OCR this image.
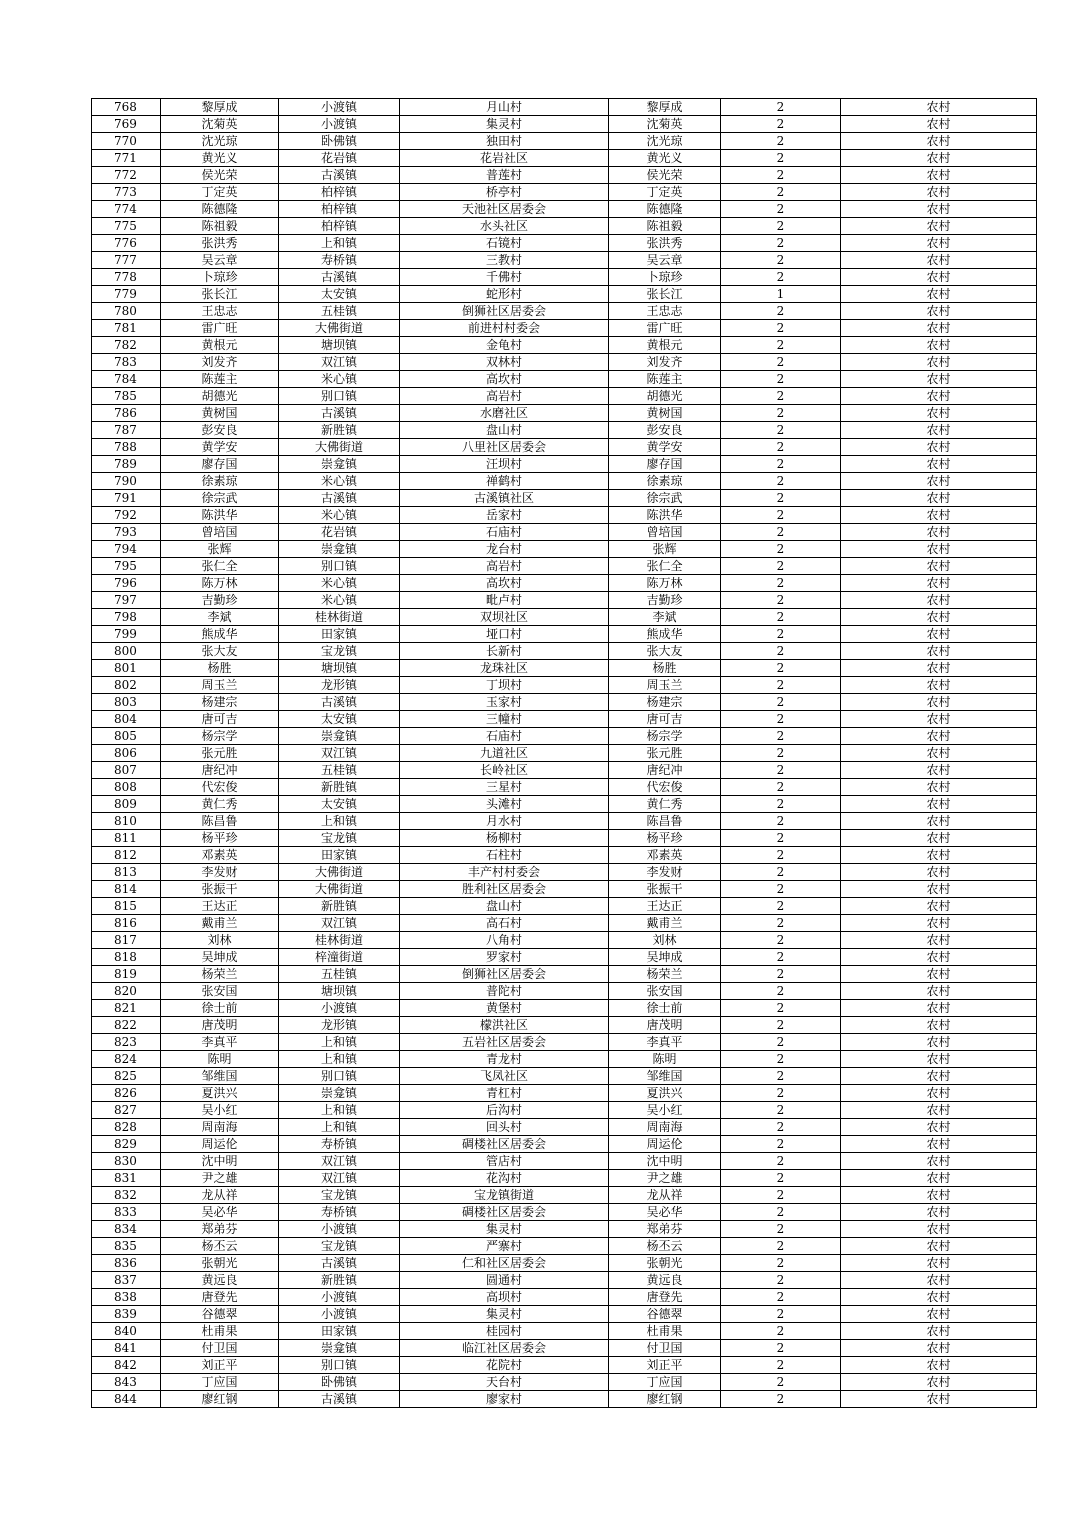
768	黎厚成	小渡镇	月山村	黎厚成	2	农村
769	沈菊英	小渡镇	集灵村	沈菊英	2	农村
770	沈光琼	卧佛镇	独田村	沈光琼	2	农村
771	黄光义	花岩镇	花岩社区	黄光义	2	农村
772	侯光荣	古溪镇	普莲村	侯光荣	2	农村
773	丁定英	柏梓镇	桥亭村	丁定英	2	农村
774	陈德隆	柏梓镇	天池社区居委会	陈德隆	2	农村
775	陈祖毅	柏梓镇	水头社区	陈祖毅	2	农村
776	张洪秀	上和镇	石镜村	张洪秀	2	农村
777	吴云章	寿桥镇	三教村	吴云章	2	农村
778	卜琼珍	古溪镇	千佛村	卜琼珍	2	农村
779	张长江	太安镇	蛇形村	张长江	1	农村
780	王忠志	五桂镇	倒狮社区居委会	王忠志	2	农村
781	雷广旺	大佛街道	前进村村委会	雷广旺	2	农村
782	黄根元	塘坝镇	金龟村	黄根元	2	农村
783	刘发齐	双江镇	双林村	刘发齐	2	农村
784	陈莲主	米心镇	高坎村	陈莲主	2	农村
785	胡德光	别口镇	高岩村	胡德光	2	农村
786	黄树国	古溪镇	水磨社区	黄树国	2	农村
787	彭安良	新胜镇	盘山村	彭安良	2	农村
788	黄学安	大佛街道	八里社区居委会	黄学安	2	农村
789	廖存国	崇龛镇	汪坝村	廖存国	2	农村
790	徐素琼	米心镇	禅鹤村	徐素琼	2	农村
791	徐宗武	古溪镇	古溪镇社区	徐宗武	2	农村
792	陈洪华	米心镇	岳家村	陈洪华	2	农村
793	曾培国	花岩镇	石庙村	曾培国	2	农村
794	张辉	崇龛镇	龙台村	张辉	2	农村
795	张仁全	别口镇	高岩村	张仁全	2	农村
796	陈万林	米心镇	高坎村	陈万林	2	农村
797	吉勤珍	米心镇	毗卢村	吉勤珍	2	农村
798	李斌	桂林街道	双坝社区	李斌	2	农村
799	熊成华	田家镇	垭口村	熊成华	2	农村
800	张大友	宝龙镇	长新村	张大友	2	农村
801	杨胜	塘坝镇	龙珠社区	杨胜	2	农村
802	周玉兰	龙形镇	丁坝村	周玉兰	2	农村
803	杨建宗	古溪镇	玉家村	杨建宗	2	农村
804	唐可吉	太安镇	三幢村	唐可吉	2	农村
805	杨宗学	崇龛镇	石庙村	杨宗学	2	农村
806	张元胜	双江镇	九道社区	张元胜	2	农村
807	唐纪冲	五桂镇	长岭社区	唐纪冲	2	农村
808	代宏俊	新胜镇	三星村	代宏俊	2	农村
809	黄仁秀	太安镇	头滩村	黄仁秀	2	农村
810	陈昌鲁	上和镇	月水村	陈昌鲁	2	农村
811	杨平珍	宝龙镇	杨柳村	杨平珍	2	农村
812	邓素英	田家镇	石柱村	邓素英	2	农村
813	李发财	大佛街道	丰产村村委会	李发财	2	农村
814	张振干	大佛街道	胜利社区居委会	张振干	2	农村
815	王达正	新胜镇	盘山村	王达正	2	农村
816	戴甫兰	双江镇	高石村	戴甫兰	2	农村
817	刘林	桂林街道	八角村	刘林	2	农村
818	吴坤成	梓潼街道	罗家村	吴坤成	2	农村
819	杨荣兰	五桂镇	倒狮社区居委会	杨荣兰	2	农村
820	张安国	塘坝镇	普陀村	张安国	2	农村
821	徐士前	小渡镇	黄堡村	徐士前	2	农村
822	唐茂明	龙形镇	檬洪社区	唐茂明	2	农村
823	李真平	上和镇	五岩社区居委会	李真平	2	农村
824	陈明	上和镇	青龙村	陈明	2	农村
825	邹维国	别口镇	飞凤社区	邹维国	2	农村
826	夏洪兴	崇龛镇	青杠村	夏洪兴	2	农村
827	吴小红	上和镇	后沟村	吴小红	2	农村
828	周南海	上和镇	回头村	周南海	2	农村
829	周运伦	寿桥镇	碉楼社区居委会	周运伦	2	农村
830	沈中明	双江镇	管店村	沈中明	2	农村
831	尹之雄	双江镇	花沟村	尹之雄	2	农村
832	龙从祥	宝龙镇	宝龙镇街道	龙从祥	2	农村
833	吴必华	寿桥镇	碉楼社区居委会	吴必华	2	农村
834	郑弟芬	小渡镇	集灵村	郑弟芬	2	农村
835	杨丕云	宝龙镇	严寨村	杨丕云	2	农村
836	张朝光	古溪镇	仁和社区居委会	张朝光	2	农村
837	黄远良	新胜镇	圆通村	黄远良	2	农村
838	唐登先	小渡镇	高坝村	唐登先	2	农村
839	谷德翠	小渡镇	集灵村	谷德翠	2	农村
840	杜甫果	田家镇	桂园村	杜甫果	2	农村
841	付卫国	崇龛镇	临江社区居委会	付卫国	2	农村
842	刘正平	别口镇	花院村	刘正平	2	农村
843	丁应国	卧佛镇	天台村	丁应国	2	农村
844	廖红钢	古溪镇	廖家村	廖红钢	2	农村
